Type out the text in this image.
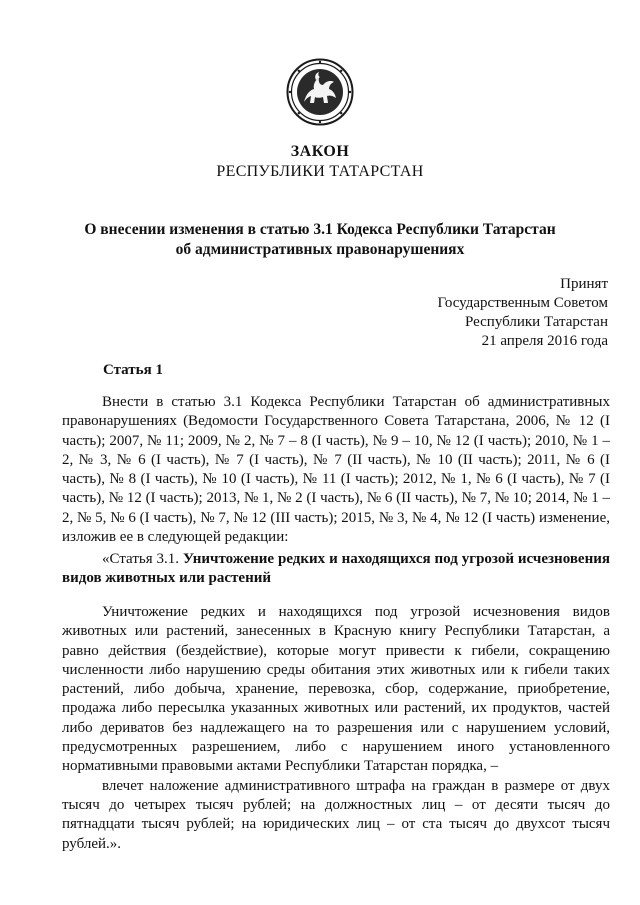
ЗАКОН
РЕСПУБЛИКИ ТАТАРСТАН
О внесении изменения в статью 3.1 Кодекса Республики Татарстан
об административных правонарушениях
Принят
Государственным Советом
Республики Татарстан
21 апреля 2016 года
Статья 1

Внести в статью 3.1 Кодекса Республики Татарстан об административных правонарушениях (Ведомости Государственного Совета Татарстана, 2006, № 12 (I часть); 2007, № 11; 2009, № 2, № 7 – 8 (I часть), № 9 – 10, № 12 (I часть); 2010, № 1 – 2, № 3, № 6 (I часть), № 7 (I часть), № 7 (II часть), № 10 (II часть); 2011, № 6 (I часть), № 8 (I часть), № 10 (I часть), № 11 (I часть); 2012, № 1, № 6 (I часть), № 7 (I часть), № 12 (I часть); 2013, № 1, № 2 (I часть), № 6 (II часть), № 7, № 10; 2014, № 1 – 2, № 5, № 6 (I часть), № 7, № 12 (III часть); 2015, № 3, № 4, № 12 (I часть) изменение, изложив ее в следующей редакции:

«Статья 3.1. Уничтожение редких и находящихся под угрозой исчезновения видов животных или растений

Уничтожение редких и находящихся под угрозой исчезновения видов животных или растений, занесенных в Красную книгу Республики Татарстан, а равно действия (бездействие), которые могут привести к гибели, сокращению численности либо нарушению среды обитания этих животных или к гибели таких растений, либо добыча, хранение, перевозка, сбор, содержание, приобретение, продажа либо пересылка указанных животных или растений, их продуктов, частей либо дериватов без надлежащего на то разрешения или с нарушением условий, предусмотренных разрешением, либо с нарушением иного установленного нормативными правовыми актами Республики Татарстан порядка, –

влечет наложение административного штрафа на граждан в размере от двух тысяч до четырех тысяч рублей; на должностных лиц – от десяти тысяч до пятнадцати тысяч рублей; на юридических лиц – от ста тысяч до двухсот тысяч рублей.».
